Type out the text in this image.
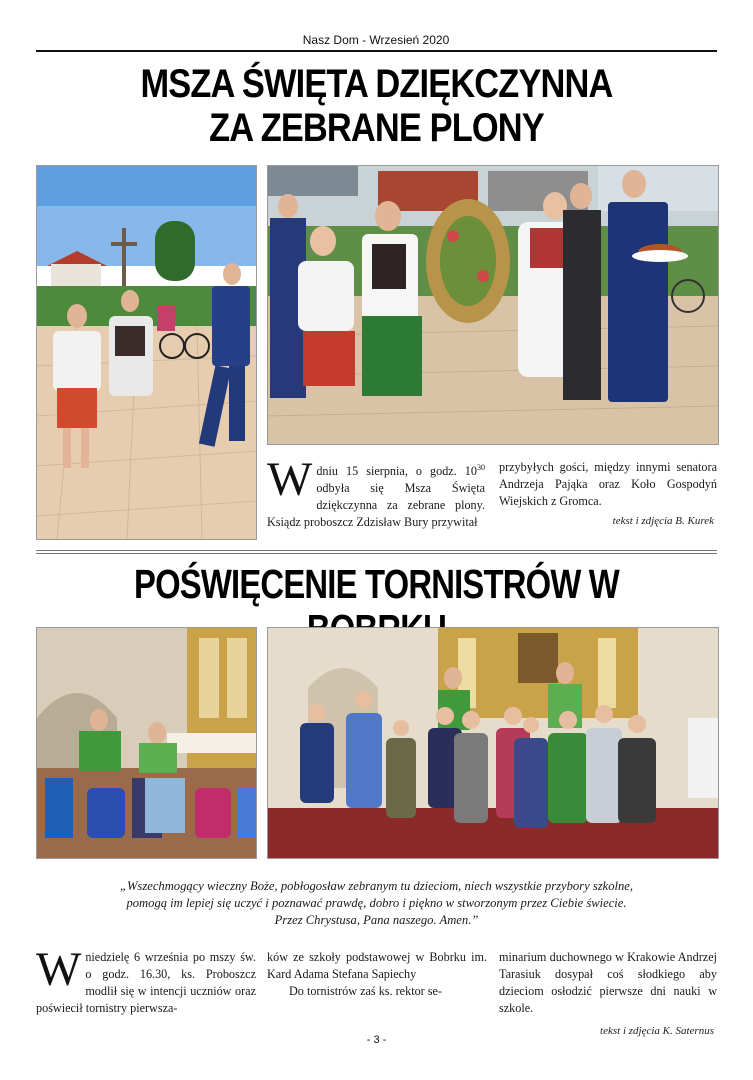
Nasz Dom - Wrzesień 2020
MSZA ŚWIĘTA DZIĘKCZYNNA
ZA ZEBRANE PLONY
Wdniu 15 sierpnia, o godz. $10^{30}$ odbyła się Msza Święta dziękczynna za zebrane plony. Ksiądz proboszcz Zdzisław Bury przywitał

przybyłych gości, między innymi senatora Andrzeja Pająka oraz Koło Gospodyń Wiejskich z Gromca.

tekst i zdjęcia B. Kurek
POŚWIĘCENIE TORNISTRÓW W

„Wszechmogący wieczny Boże, pobłogosław zebranym tu dzieciom, niech wszystkie przybory szkolne,

pomogą im lepiej się uczyć i poznawać prawdę, dobro i piękno w stworzonym przez Ciebie świecie.

Przez Chrystusa, Pana naszego. Amen.”

Wniedzielę 6 września po mszy św. o godz. 16.30, ks. Proboszcz modlił się w intencji uczniów oraz poświecił tornistry pierwsza-

ków ze szkoły podstawowej w Bobrku im. Kard Adama Stefana Sapiechy

Do tornistrów zaś ks. rektor se-

minarium duchownego w Krakowie Andrzej Tarasiuk dosypał coś słodkiego aby dzieciom osłodzić pierwsze dni nauki w szkole.

tekst i zdjęcia K. Saternus
- 3 -
